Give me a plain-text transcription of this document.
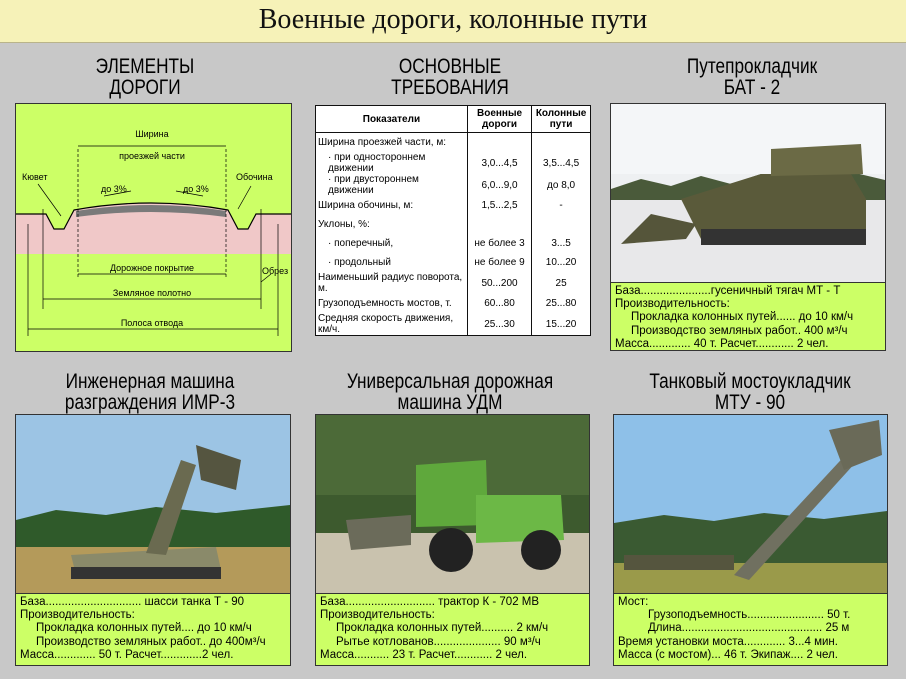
Военные дороги, колонные пути
ЭЛЕМЕНТЫ
ДОРОГИ
ОСНОВНЫЕ
ТРЕБОВАНИЯ
Путепрокладчик
БАТ - 2
Инженерная машина
разграждения ИМР-3
Универсальная дорожная
машина УДМ
Танковый мостоукладчик
МТУ - 90
Ширина
проезжей части
Кювет	Обочина
до 3%	до 3%
Дорожное покрытие
Земляное полотно
Полоса отвода
Обрез
Показатели	Военные дороги	Колонные пути
Ширина проезжей части, м:		
· при одностороннем движении	3,0...4,5	3,5...4,5
· при двустороннем движении	6,0...9,0	до 8,0
Ширина обочины, м:	1,5...2,5	-
Уклоны, %:		
· поперечный,	не более 3	3...5
· продольный	не более 9	10...20
Наименьший радиус поворота, м.	50...200	25
Грузоподъемность мостов, т.	60...80	25...80
Средняя скорость движения, км/ч.	25...30	15...20
База......................гусеничный тягач МТ - Т
Производительность:
Прокладка колонных путей...... до 10 км/ч
Производство земляных работ.. 400 м³/ч
Масса............. 40 т. Расчет............ 2 чел.
База.............................. шасси танка Т - 90
Производительность:
Прокладка колонных путей.... до 10 км/ч
Производство земляных работ.. до 400м³/ч
Масса............. 50 т. Расчет.............2 чел.
База............................ трактор К - 702 МВ
Производительность:
Прокладка колонных путей.......... 2 км/ч
Рытье котлованов..................... 90 м³/ч
Масса........... 23 т. Расчет............ 2 чел.
Мост:
Грузоподъемность........................ 50 т.
Длина............................................ 25 м
Время установки моста............. 3...4 мин.
Масса (с мостом)... 46 т. Экипаж.... 2 чел.
